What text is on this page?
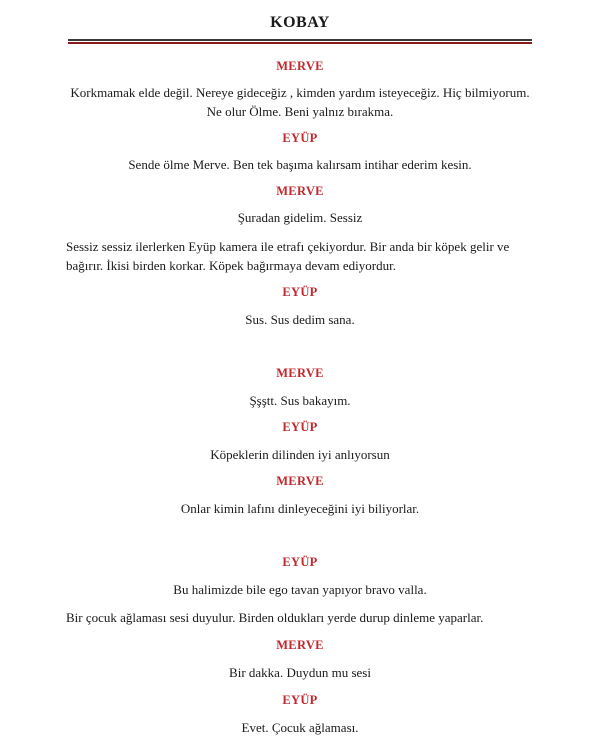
KOBAY
MERVE
Korkmamak elde değil. Nereye gideceğiz , kimden yardım isteyeceğiz. Hiç bilmiyorum. Ne olur Ölme. Beni yalnız bırakma.
EYÜP
Sende ölme Merve. Ben tek başıma kalırsam intihar ederim kesin.
MERVE
Şuradan gidelim. Sessiz
Sessiz sessiz ilerlerken Eyüp kamera ile etrafı çekiyordur. Bir anda bir köpek gelir ve bağırır. İkisi birden korkar. Köpek bağırmaya devam ediyordur.
EYÜP
Sus. Sus dedim sana.
MERVE
Şşştt. Sus bakayım.
EYÜP
Köpeklerin dilinden iyi anlıyorsun
MERVE
Onlar kimin lafını dinleyeceğini iyi biliyorlar.
EYÜP
Bu halimizde bile ego tavan yapıyor bravo valla.
Bir çocuk ağlaması sesi duyulur. Birden oldukları yerde durup dinleme yaparlar.
MERVE
Bir dakka. Duydun mu sesi
EYÜP
Evet. Çocuk ağlaması.
